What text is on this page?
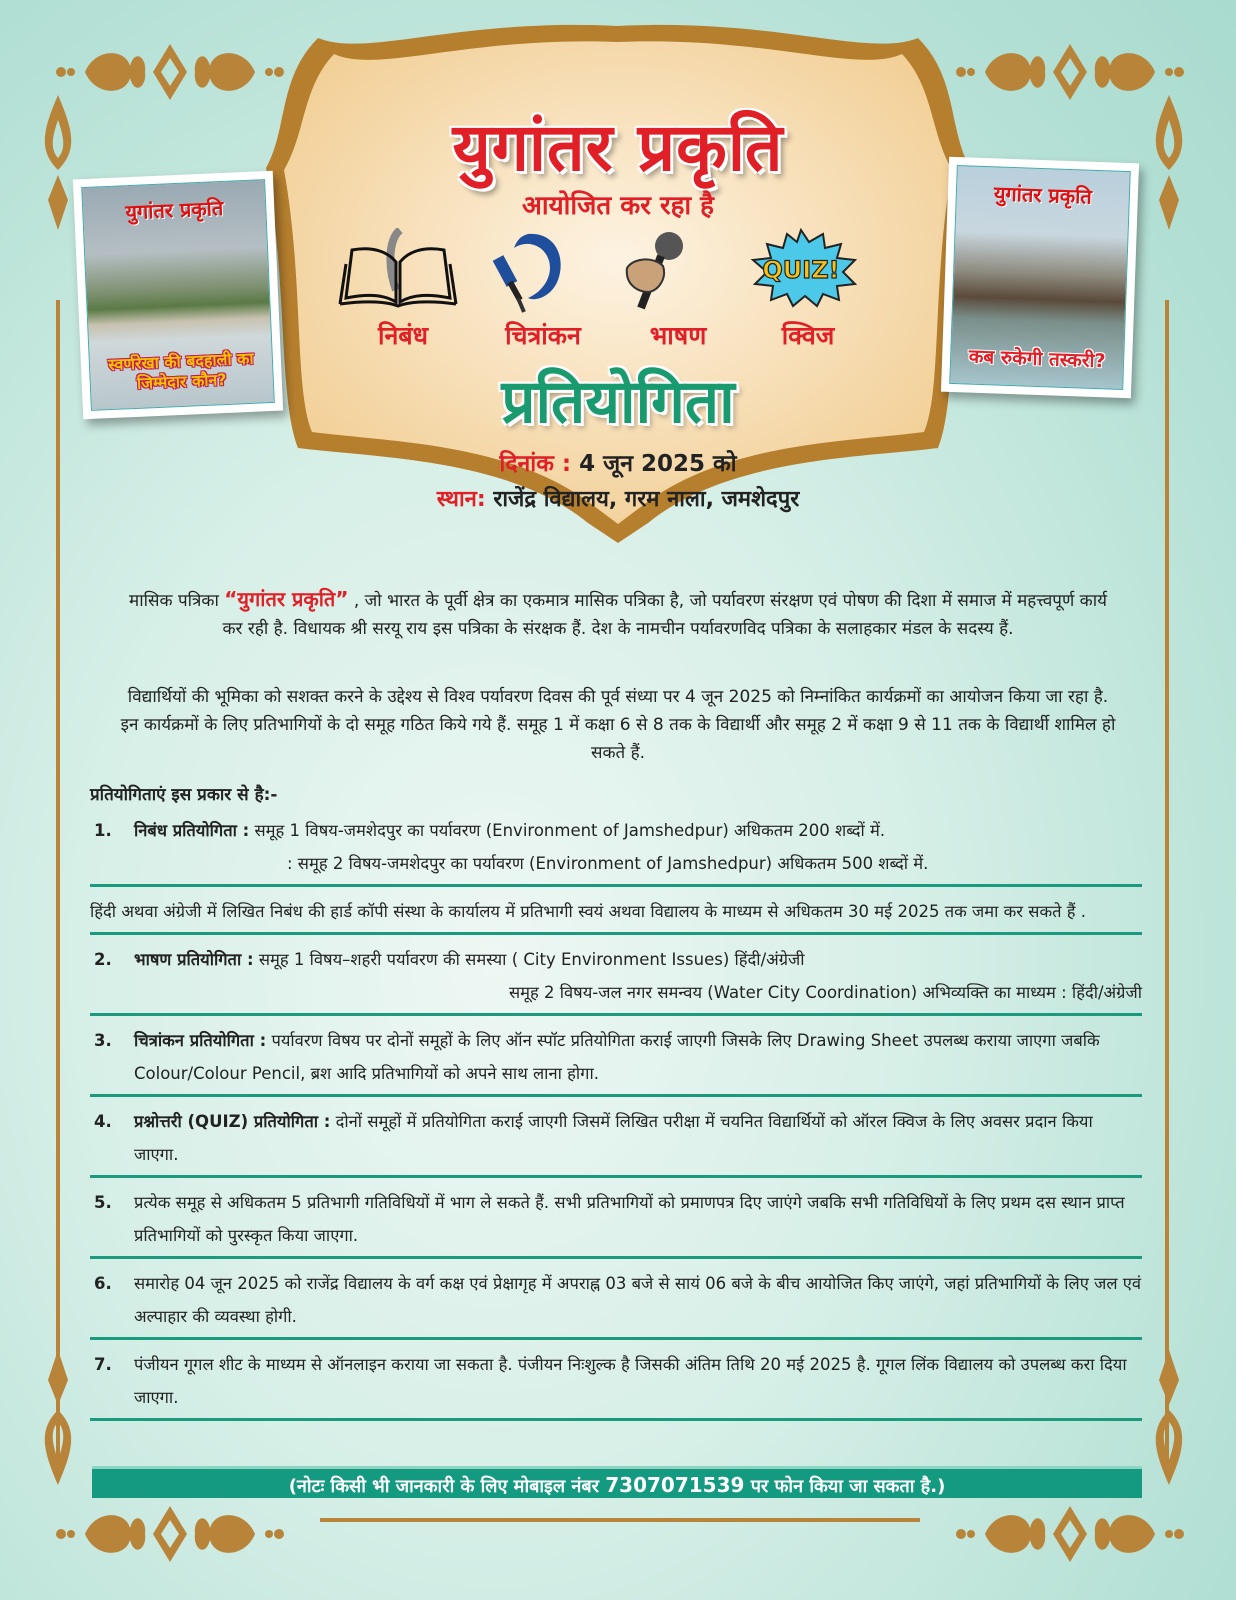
युगांतर प्रकृति
आयोजित कर रहा है
निबंध	चित्रांकन	भाषण
QUIZ!
क्विज
प्रतियोगिता
दिनांक : 4 जून 2025 को
स्थान: राजेंद्र विद्यालय, गरम नाला, जमशेदपुर
युगांतर प्रकृति
स्वर्णरेखा की बदहाली का जिम्मेदार कौन?
युगांतर प्रकृति
कब रुकेगी तस्करी?
मासिक पत्रिका “युगांतर प्रकृति” , जो भारत के पूर्वी क्षेत्र का एकमात्र मासिक पत्रिका है, जो पर्यावरण संरक्षण एवं पोषण की दिशा में समाज में महत्त्वपूर्ण कार्य कर रही है. विधायक श्री सरयू राय इस पत्रिका के संरक्षक हैं. देश के नामचीन पर्यावरणविद पत्रिका के सलाहकार मंडल के सदस्य हैं.
विद्यार्थियों की भूमिका को सशक्त करने के उद्देश्य से विश्व पर्यावरण दिवस की पूर्व संध्या पर 4 जून 2025 को निम्नांकित कार्यक्रमों का आयोजन किया जा रहा है. इन कार्यक्रमों के लिए प्रतिभागियों के दो समूह गठित किये गये हैं. समूह 1 में कक्षा 6 से 8 तक के विद्यार्थी और समूह 2 में कक्षा 9 से 11 तक के विद्यार्थी शामिल हो सकते हैं.
प्रतियोगिताएं इस प्रकार से है:-
1. निबंध प्रतियोगिता : समूह 1 विषय-जमशेदपुर का पर्यावरण (Environment of Jamshedpur) अधिकतम 200 शब्दों में.
: समूह 2 विषय-जमशेदपुर का पर्यावरण (Environment of Jamshedpur) अधिकतम 500 शब्दों में.
हिंदी अथवा अंग्रेजी में लिखित निबंध की हार्ड कॉपी संस्था के कार्यालय में प्रतिभागी स्वयं अथवा विद्यालय के माध्यम से अधिकतम 30 मई 2025 तक जमा कर सकते हैं .
2. भाषण प्रतियोगिता : समूह 1 विषय–शहरी पर्यावरण की समस्या ( City Environment Issues) हिंदी/अंग्रेजी
समूह 2 विषय-जल नगर समन्वय (Water City Coordination) अभिव्यक्ति का माध्यम : हिंदी/अंग्रेजी
3.	चित्रांकन प्रतियोगिता : पर्यावरण विषय पर दोनों समूहों के लिए ऑन स्पॉट प्रतियोगिता कराई जाएगी जिसके लिए Drawing Sheet उपलब्ध कराया जाएगा जबकि Colour/Colour Pencil, ब्रश आदि प्रतिभागियों को अपने साथ लाना होगा.
4.	प्रश्नोत्तरी (QUIZ) प्रतियोगिता : दोनों समूहों में प्रतियोगिता कराई जाएगी जिसमें लिखित परीक्षा में चयनित विद्यार्थियों को ऑरल क्विज के लिए अवसर प्रदान किया जाएगा.
5.	प्रत्येक समूह से अधिकतम 5 प्रतिभागी गतिविधियों में भाग ले सकते हैं. सभी प्रतिभागियों को प्रमाणपत्र दिए जाएंगे जबकि सभी गतिविधियों के लिए प्रथम दस स्थान प्राप्त प्रतिभागियों को पुरस्कृत किया जाएगा.
6.	समारोह 04 जून 2025 को राजेंद्र विद्यालय के वर्ग कक्ष एवं प्रेक्षागृह में अपराह्न 03 बजे से सायं 06 बजे के बीच आयोजित किए जाएंगे, जहां प्रतिभागियों के लिए जल एवं अल्पाहार की व्यवस्था होगी.
7.	पंजीयन गूगल शीट के माध्यम से ऑनलाइन कराया जा सकता है. पंजीयन निःशुल्क है जिसकी अंतिम तिथि 20 मई 2025 है. गूगल लिंक विद्यालय को उपलब्ध करा दिया जाएगा.
(नोटः किसी भी जानकारी के लिए मोबाइल नंबर 7307071539 पर फोन किया जा सकता है.)
